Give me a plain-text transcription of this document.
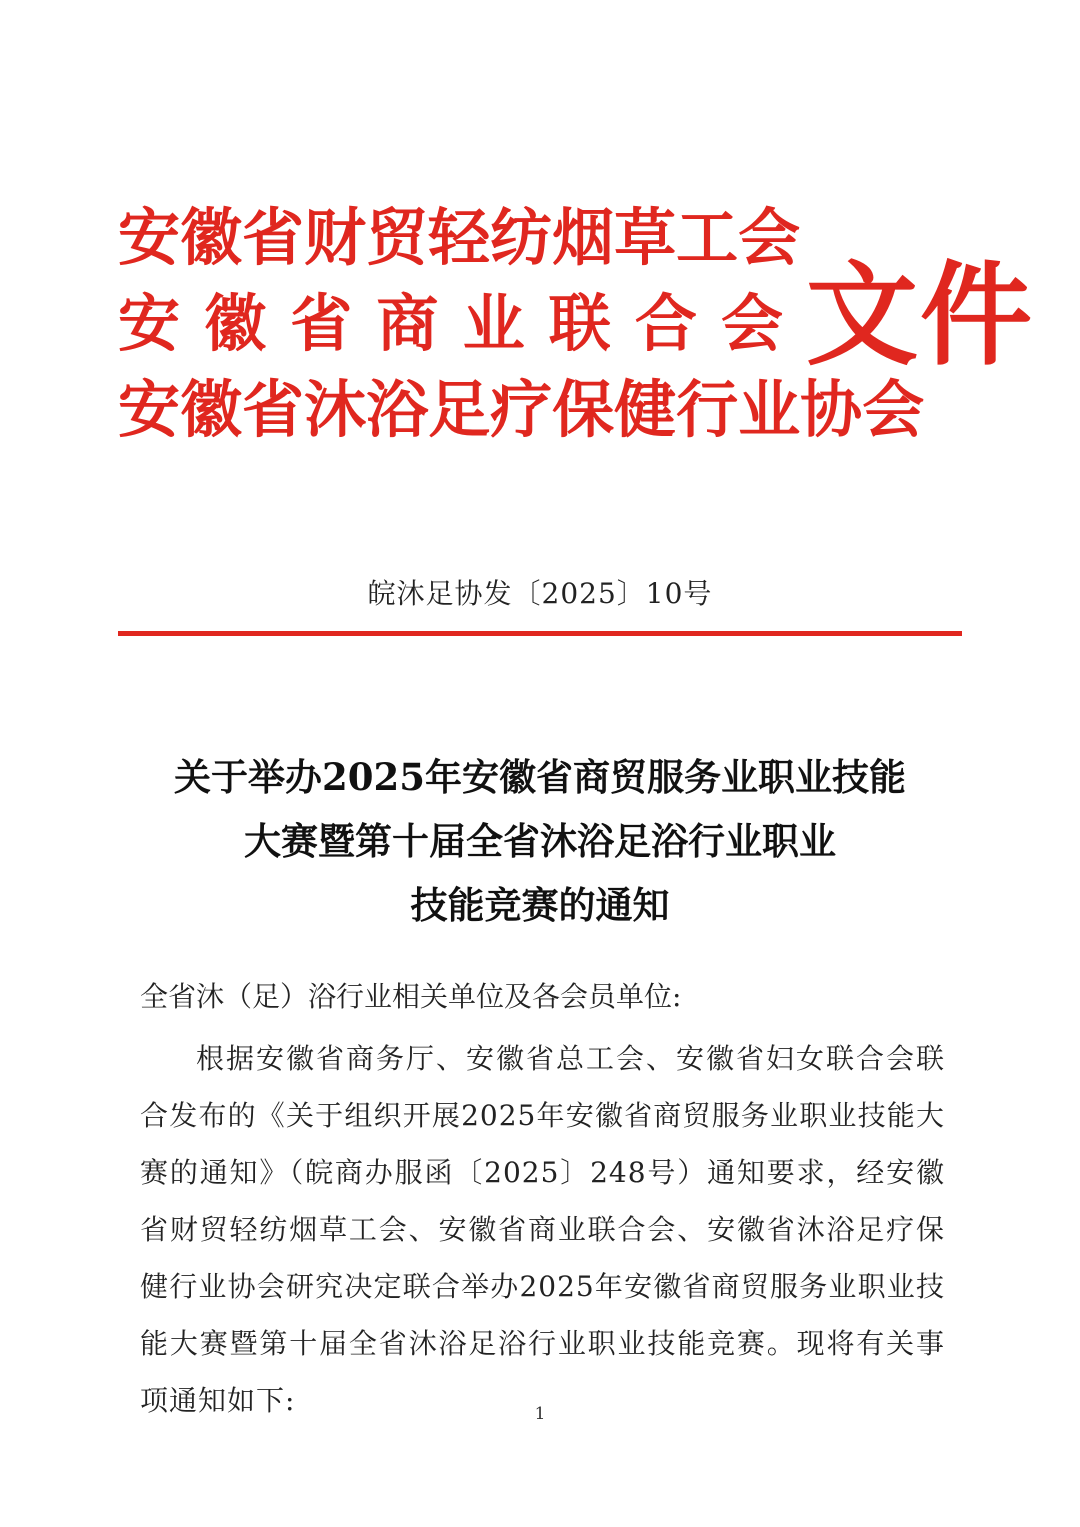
安 徽 省 财 贸 轻 纺 烟 草 工 会
安 徽 省 商 业 联 合 会
安 徽 省 沐 浴 足 疗 保 健 行 业 协 会
文件
皖沐足协发〔2025〕10号
关于举办2025年安徽省商贸服务业职业技能
大赛暨第十届全省沐浴足浴行业职业
技能竞赛的通知
全省沐（足）浴行业相关单位及各会员单位:
根据安徽省商务厅、安徽省总工会、安徽省妇女联合会联合发布的《关于组织开展2025年安徽省商贸服务业职业技能大赛的通知》（皖商办服函〔2025〕248号）通知要求，经安徽省财贸轻纺烟草工会、安徽省商业联合会、安徽省沐浴足疗保健行业协会研究决定联合举办2025年安徽省商贸服务业职业技能大赛暨第十届全省沐浴足浴行业职业技能竞赛。现将有关事项通知如下:	1
